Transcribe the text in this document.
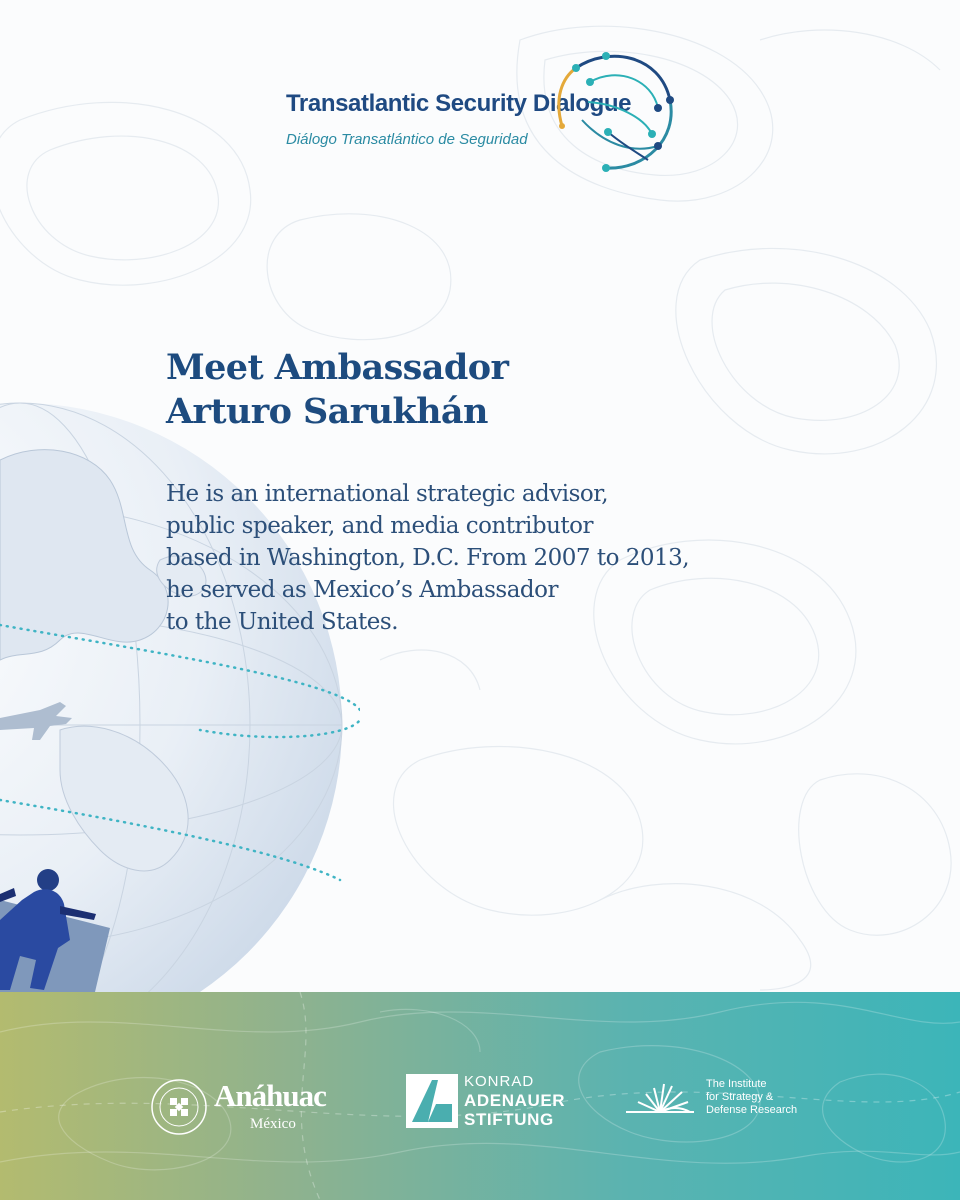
Transatlantic Security Dialogue

Diálogo Transatlántico de Seguridad

Meet Ambassador
Arturo Sarukhán

He is an international strategic advisor,
public speaker, and media contributor
based in Washington, D.C. From 2007 to 2013,
he served as Mexico’s Ambassador
to the United States.

Anáhuac

México

KONRAD

ADENAUER

STIFTUNG

The Institute

for Strategy &

Defense Research
